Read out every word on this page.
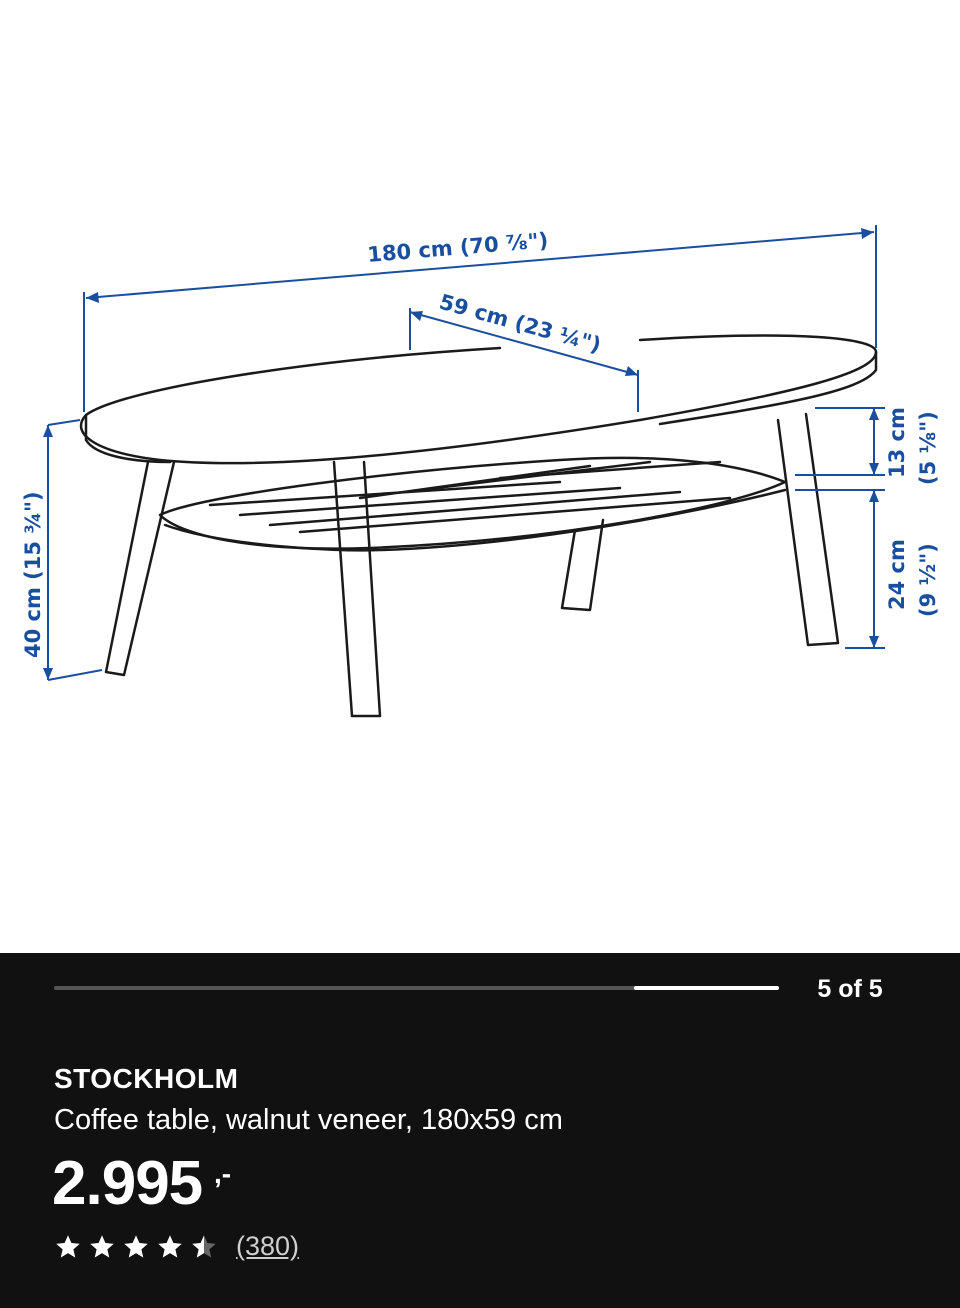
180 cm (70 ⁷⁄₈")
59 cm (23 ¼")
40 cm (15 ¾")
13 cm (5 ⅛")
24 cm (9 ½")
5 of 5
STOCKHOLM
Coffee table, walnut veneer, 180x59 cm
2.995 ,-
(380)
